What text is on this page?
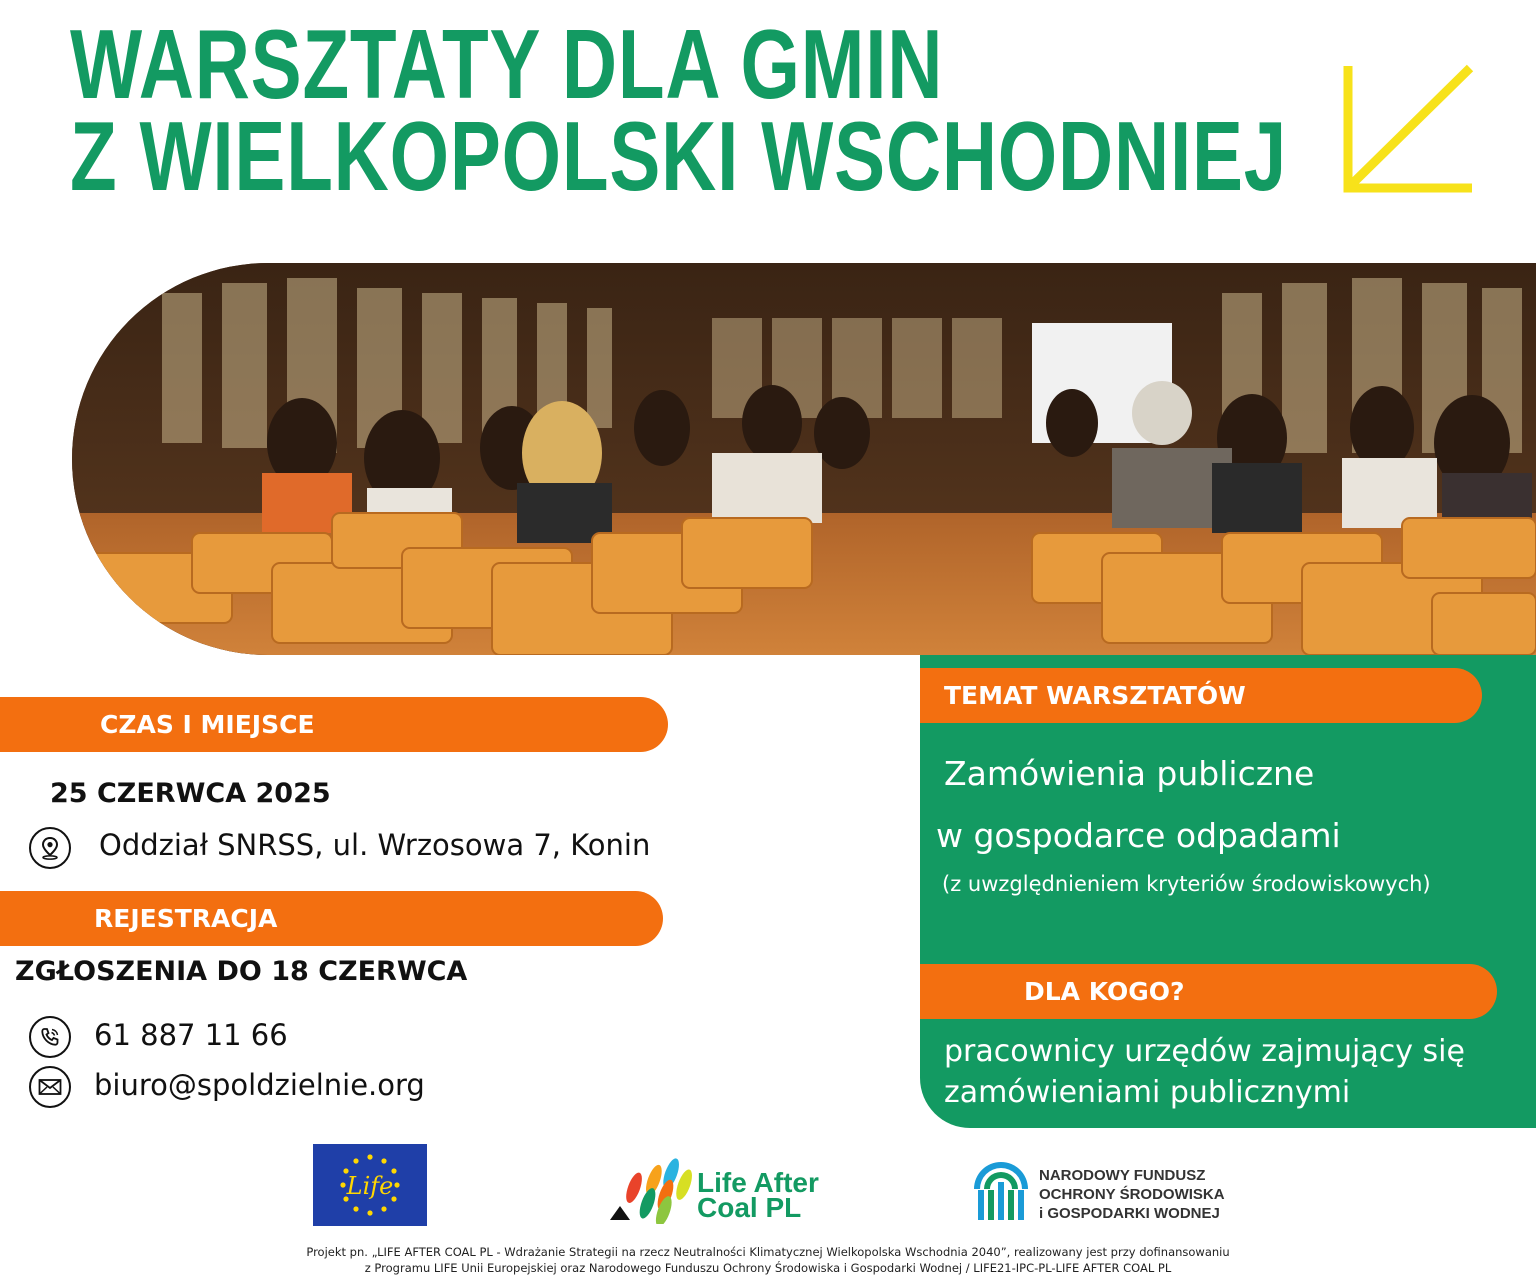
WARSZTATY DLA GMIN
Z WIELKOPOLSKI WSCHODNIEJ
CZAS I MIEJSCE
REJESTRACJA
TEMAT WARSZTATÓW
DLA KOGO?
25 CZERWCA 2025
Oddział SNRSS, ul. Wrzosowa 7, Konin
ZGŁOSZENIA DO 18 CZERWCA
61 887 11 66
biuro@spoldzielnie.org
Zamówienia publiczne
w gospodarce odpadami
(z uwzględnieniem kryteriów środowiskowych)
pracownicy urzędów zajmujący się
zamówieniami publicznymi
Life	Life After
Coal PL
NARODOWY FUNDUSZ
OCHRONY ŚRODOWISKA
i GOSPODARKI WODNEJ
Projekt pn. „LIFE AFTER COAL PL - Wdrażanie Strategii na rzecz Neutralności Klimatycznej Wielkopolska Wschodnia 2040”, realizowany jest przy dofinansowaniu
z Programu LIFE Unii Europejskiej oraz Narodowego Funduszu Ochrony Środowiska i Gospodarki Wodnej / LIFE21-IPC-PL-LIFE AFTER COAL PL
